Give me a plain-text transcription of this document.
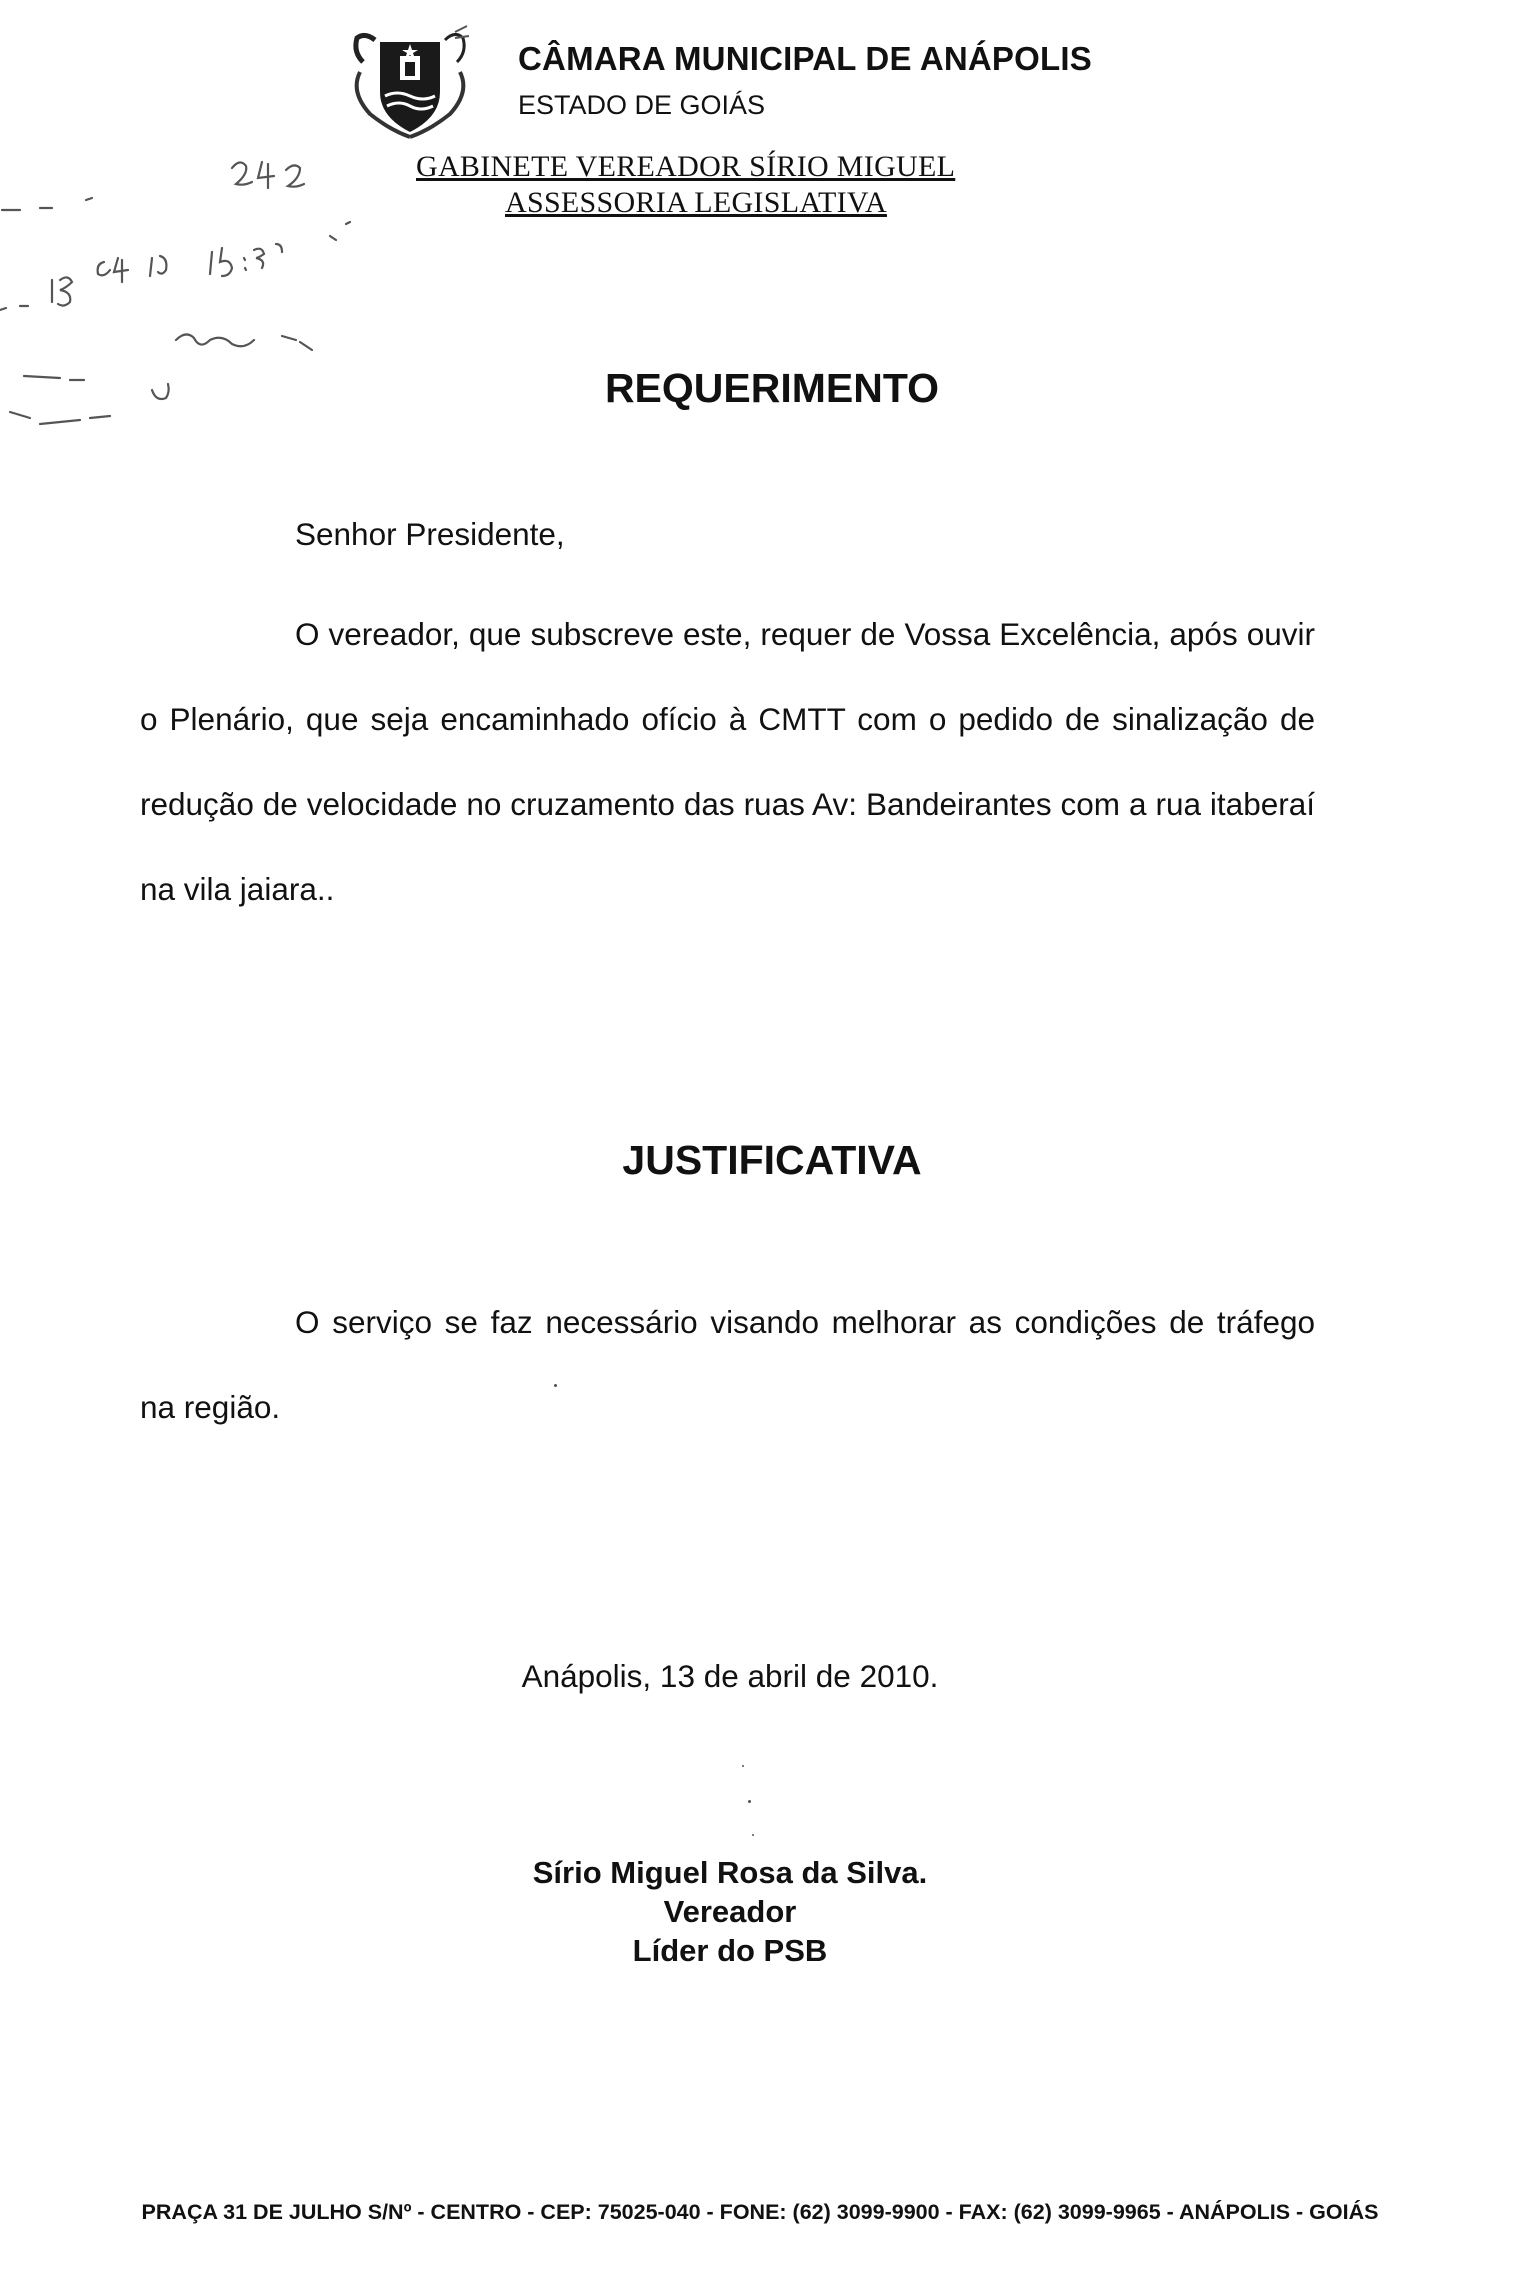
CÂMARA MUNICIPAL DE ANÁPOLIS
ESTADO DE GOIÁS
GABINETE VEREADOR SÍRIO MIGUEL
ASSESSORIA LEGISLATIVA
REQUERIMENTO
Senhor Presidente,

O vereador, que subscreve este, requer de Vossa Excelência, após ouvir o Plenário, que seja encaminhado ofício à CMTT com o pedido de sinalização de redução de velocidade no cruzamento das ruas Av: Bandeirantes com a rua itaberaí na vila jaiara..

JUSTIFICATIVA

O serviço se faz necessário visando melhorar as condições de tráfego na região.

Anápolis, 13 de abril de 2010.
Sírio Miguel Rosa da Silva.
Vereador
Líder do PSB
PRAÇA 31 DE JULHO S/Nº - CENTRO - CEP: 75025-040 - FONE: (62) 3099-9900 - FAX: (62) 3099-9965 - ANÁPOLIS - GOIÁS
